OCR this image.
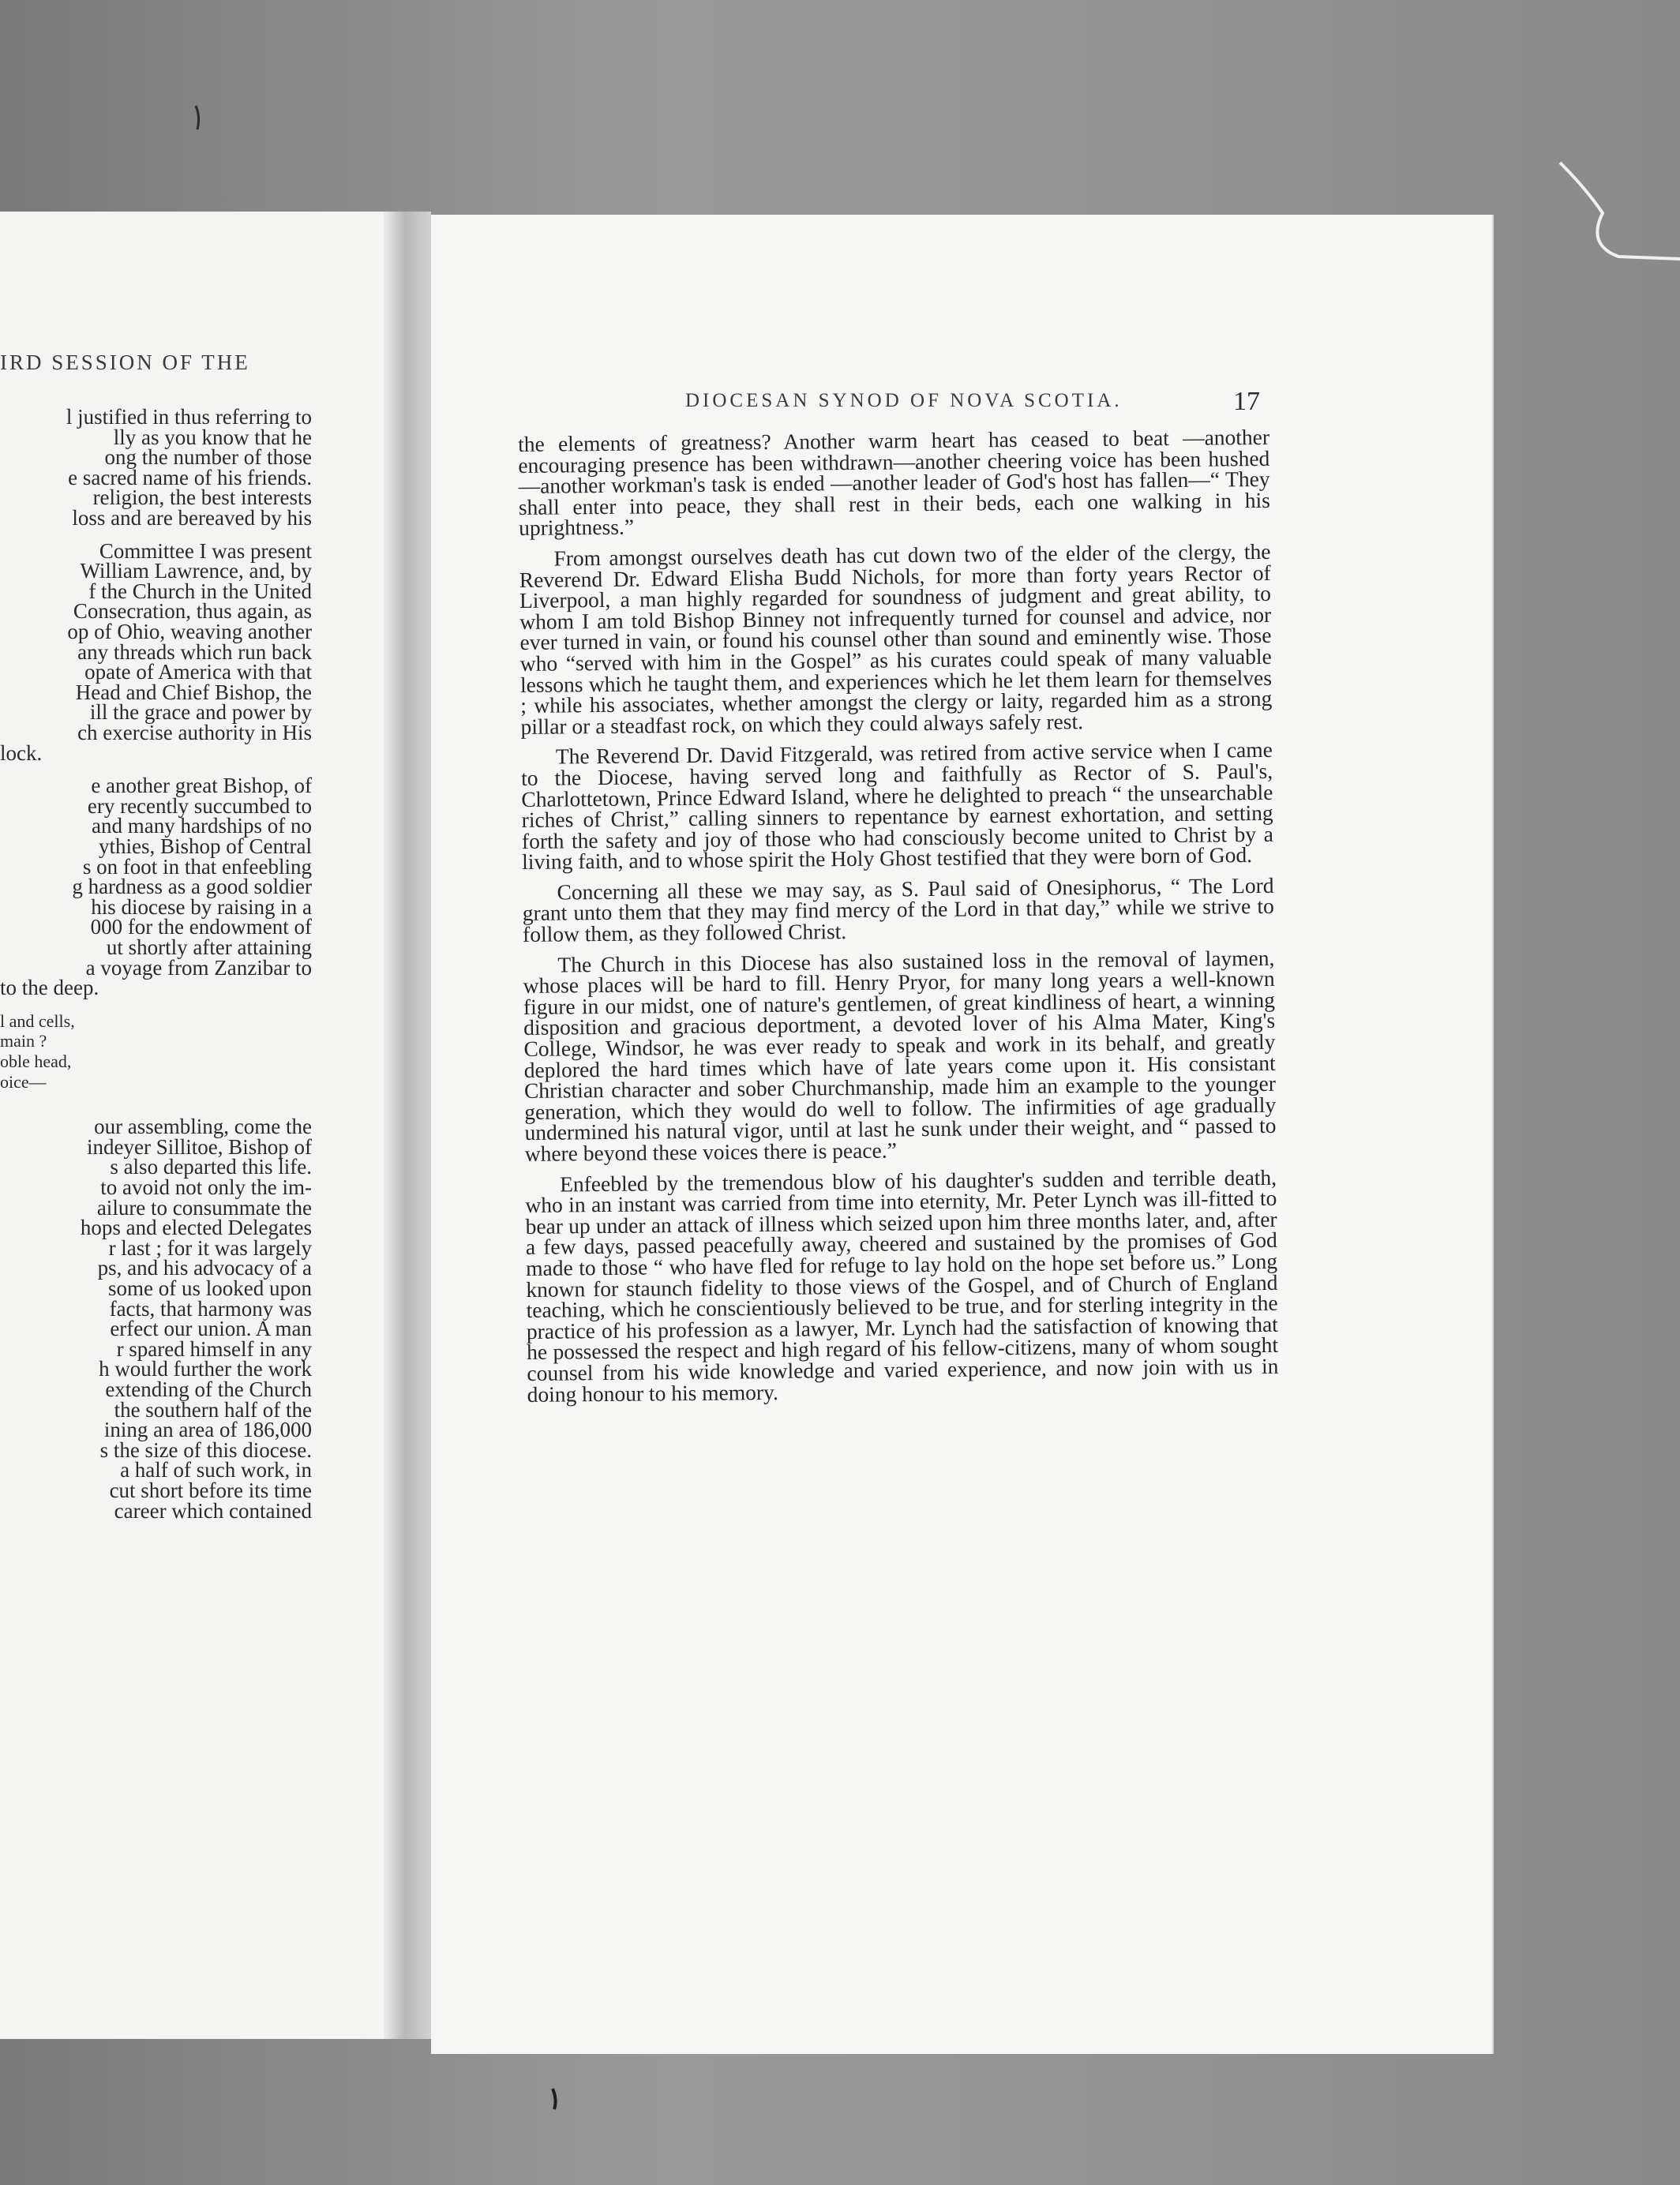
IRD SESSION OF THE
l justified in thus referring to
lly as you know that he
ong the number of those
e sacred name of his friends.
religion, the best interests
loss and are bereaved by his
Committee I was present
William Lawrence, and, by
f the Church in the United
Consecration, thus again, as
op of Ohio, weaving another
any threads which run back
opate of America with that
Head and Chief Bishop, the
ill the grace and power by
ch exercise authority in His
lock.
e another great Bishop, of
ery recently succumbed to
and many hardships of no
ythies, Bishop of Central
s on foot in that enfeebling
g hardness as a good soldier
his diocese by raising in a
000 for the endowment of
ut shortly after attaining
a voyage from Zanzibar to
to the deep.
l and cells,
main ?
oble head,
oice—
our assembling, come the
indeyer Sillitoe, Bishop of
s also departed this life.
to avoid not only the im-
ailure to consummate the
hops and elected Delegates
r last ; for it was largely
ps, and his advocacy of a
some of us looked upon
facts, that harmony was
erfect our union. A man
r spared himself in any
h would further the work
extending of the Church
the southern half of the
ining an area of 186,000
s the size of this diocese.
a half of such work, in
cut short before its time
career which contained
DIOCESAN SYNOD OF NOVA SCOTIA.	17

the elements of greatness? Another warm heart has ceased to beat —another encouraging presence has been withdrawn—another cheering voice has been hushed—another workman's task is ended —another leader of God's host has fallen—“ They shall enter into peace, they shall rest in their beds, each one walking in his uprightness.”

From amongst ourselves death has cut down two of the elder of the clergy, the Reverend Dr. Edward Elisha Budd Nichols, for more than forty years Rector of Liverpool, a man highly regarded for soundness of judgment and great ability, to whom I am told Bishop Binney not infrequently turned for counsel and advice, nor ever turned in vain, or found his counsel other than sound and eminently wise. Those who “served with him in the Gospel” as his curates could speak of many valuable lessons which he taught them, and experiences which he let them learn for themselves ; while his associates, whether amongst the clergy or laity, regarded him as a strong pillar or a steadfast rock, on which they could always safely rest.

The Reverend Dr. David Fitzgerald, was retired from active service when I came to the Diocese, having served long and faithfully as Rector of S. Paul's, Charlottetown, Prince Edward Island, where he delighted to preach “ the unsearchable riches of Christ,” calling sinners to repentance by earnest exhortation, and setting forth the safety and joy of those who had consciously become united to Christ by a living faith, and to whose spirit the Holy Ghost testified that they were born of God.

Concerning all these we may say, as S. Paul said of Onesiphorus, “ The Lord grant unto them that they may find mercy of the Lord in that day,” while we strive to follow them, as they followed Christ.

The Church in this Diocese has also sustained loss in the removal of laymen, whose places will be hard to fill. Henry Pryor, for many long years a well-known figure in our midst, one of nature's gentlemen, of great kindliness of heart, a winning disposition and gracious deportment, a devoted lover of his Alma Mater, King's College, Windsor, he was ever ready to speak and work in its behalf, and greatly deplored the hard times which have of late years come upon it. His consistant Christian character and sober Churchmanship, made him an example to the younger generation, which they would do well to follow. The infirmities of age gradually undermined his natural vigor, until at last he sunk under their weight, and “ passed to where beyond these voices there is peace.”

Enfeebled by the tremendous blow of his daughter's sudden and terrible death, who in an instant was carried from time into eternity, Mr. Peter Lynch was ill-fitted to bear up under an attack of illness which seized upon him three months later, and, after a few days, passed peacefully away, cheered and sustained by the promises of God made to those “ who have fled for refuge to lay hold on the hope set before us.” Long known for staunch fidelity to those views of the Gospel, and of Church of England teaching, which he conscientiously believed to be true, and for sterling integrity in the practice of his profession as a lawyer, Mr. Lynch had the satisfaction of knowing that he possessed the respect and high regard of his fellow-citizens, many of whom sought counsel from his wide knowledge and varied experience, and now join with us in doing honour to his memory.
